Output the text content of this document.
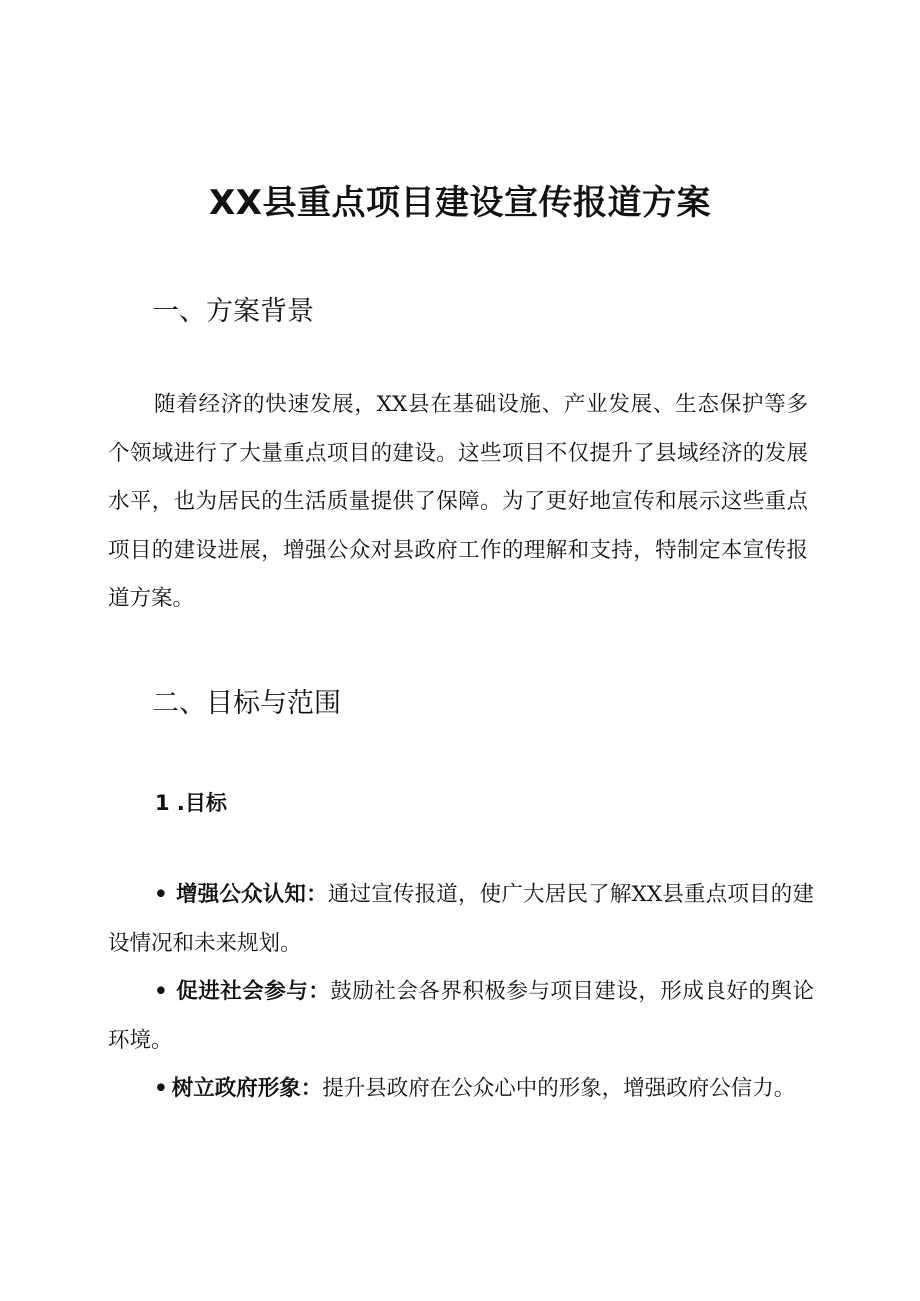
XX县重点项目建设宣传报道方案
一、方案背景

随着经济的快速发展，XX县在基础设施、产业发展、生态保护等多个领域进行了大量重点项目的建设。这些项目不仅提升了县域经济的发展水平，也为居民的生活质量提供了保障。为了更好地宣传和展示这些重点项目的建设进展，增强公众对县政府工作的理解和支持，特制定本宣传报道方案。

二、目标与范围
1 .目标
• 增强公众认知：通过宣传报道，使广大居民了解XX县重点项目的建设情况和未来规划。
• 促进社会参与：鼓励社会各界积极参与项目建设，形成良好的舆论环境。
• 树立政府形象：提升县政府在公众心中的形象，增强政府公信力。
